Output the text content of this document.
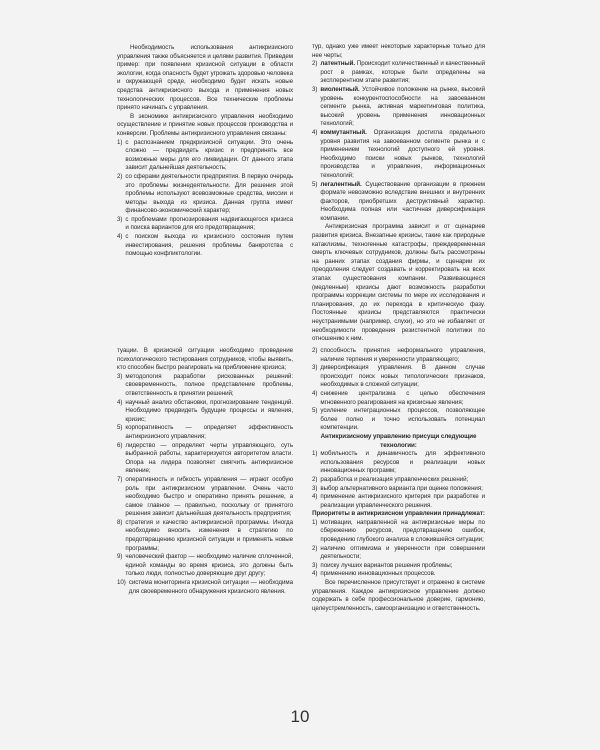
Необходимость использования антикризисного управления также объясняется и целями развития. Приведем пример: при появлении кризисной ситуации в области экологии, когда опасность будет угрожать здоровью человека и окружающей среде, необходимо будет искать новые средства антикризисного выхода и применения новых технологических процессов. Все технические проблемы принято начинать с управления.

В экономике антикризисного управления необходимо осуществление и принятие новых процессов производства и конверсии. Проблемы антикризисного управления связаны:

1) с распознанием предкризисной ситуации. Это очень сложно — предвидеть кризис и предпринять все возможные меры для его ликвидации. От данного этапа зависит дальнейшая деятельность;
2) со сферами деятельности предприятия. В первую очередь это проблемы жизнедеятельности. Для решения этой проблемы используют всевозможные средства, миссии и методы выхода из кризиса. Данная группа имеет финансово-экономический характер;
3) с проблемами прогнозирования надвигающегося кризиса и поиска вариантов для его предотвращения;
4) с поиском выхода из кризисного состояния путем инвестирования, решения проблемы банкротства с помощью конфликтологии.

тур, однако уже имеет некоторые характерные только для нее черты;

2) латентный. Происходит количественный и качественный рост в рамках, которые были определены на эксплерентном этапе развития;
3) виолентный. Устойчивое положение на рынке, высокий уровень конкурентоспособности на завоеванном сегменте рынка, активная маркетинговая политика, высокий уровень применения инновационных технологий;
4) коммутантный. Организация достигла предельного уровня развития на завоеванном сегменте рынка и с применением технологий доступного ей уровня. Необходимо поиски новых рынков, технологий производства и управления, информационных технологий;
5) легалентный. Существование организации в прежнем формате невозможно вследствие внешних и внутренних факторов, приобретших деструктивный характер. Необходима полная или частичная диверсификация компании.

Антикризисная программа зависит и от сценариев развития кризиса. Внезапные кризисы, такие как природные катаклизмы, техногенные катастрофы, преждевременная смерть ключевых сотрудников, должны быть рассмотрены на ранних этапах создания фирмы, и сценарии их преодоления следует создавать и корректировать на всех этапах существования компании. Развивающиеся (медленные) кризисы дают возможность разработки программы коррекции системы по мере их исследования и планирования, до их перехода в критическую фазу. Постоянные кризисы представляются практически неустранимыми (например, слухи), но это не избавляет от необходимости проведения резистентной политики по отношению к ним.

туации. В кризисной ситуации необходимо проведение психологического тестирования сотрудников, чтобы выявить, кто способен быстро реагировать на приближение кризиса;

3) методология разработки рискованных решений: своевременность, полное представление проблемы, ответственность в принятии решений;
4) научный анализ обстановки, прогнозирование тенденций. Необходимо предвидеть будущие процессы и явления, кризис;
5) корпоративность — определяет эффективность антикризисного управления;
6) лидерство — определяет черты управляющего, суть выбранной работы, характеризуется авторитетом власти. Опора на лидера позволяет смягчить антикризисное явление;
7) оперативность и гибкость управления — играют особую роль при антикризисном управлении. Очень часто необходимо быстро и оперативно принять решение, а самое главное — правильно, поскольку от принятого решения зависит дальнейшая деятельность предприятия;
8) стратегия и качество антикризисной программы. Иногда необходимо вносить изменения в стратегию по предотвращению кризисной ситуации и применять новые программы;
9) человеческий фактор — необходимо наличие сплоченной, единой команды во время кризиса, это должны быть только люди, полностью доверяющие друг другу;
10) система мониторинга кризисной ситуации — необходима для своевременного обнаружения кризисного явления.
2) способность принятия неформального управления, наличие терпения и уверенности управляющего;
3) диверсификация управления. В данном случае происходит поиск новых типологических признаков, необходимых в сложной ситуации;
4) снижение централизма с целью обеспечения мгновенного реагирования на кризисные явления;
5) усиление интеграционных процессов, позволяющее более полно и точно использовать потенциал компетенции.

Антикризисному управлению присущи следующие технологии:

1) мобильность и динамичность для эффективного использования ресурсов и реализации новых инновационных программ;
2) разработка и реализация управленческих решений;
3) выбор альтернативного варианта при оценке положения;
4) применение антикризисного критерия при разработке и реализации управленческого решения.

Приоритеты в антикризисном управлении принадлежат:

1) мотивации, направленной на антикризисные меры по сбережению ресурсов, предотвращению ошибок, проведению глубокого анализа в сложившейся ситуации;
2) наличию оптимизма и уверенности при совершении деятельности;
3) поиску лучших вариантов решения проблемы;
4) применению инновационных процессов.

Все перечисленное присутствует и отражено в системе управления. Каждое антикризисное управление должно содержать в себе профессиональное доверие, гармонию, целеустремленность, самоорганизацию и ответственность.

10
